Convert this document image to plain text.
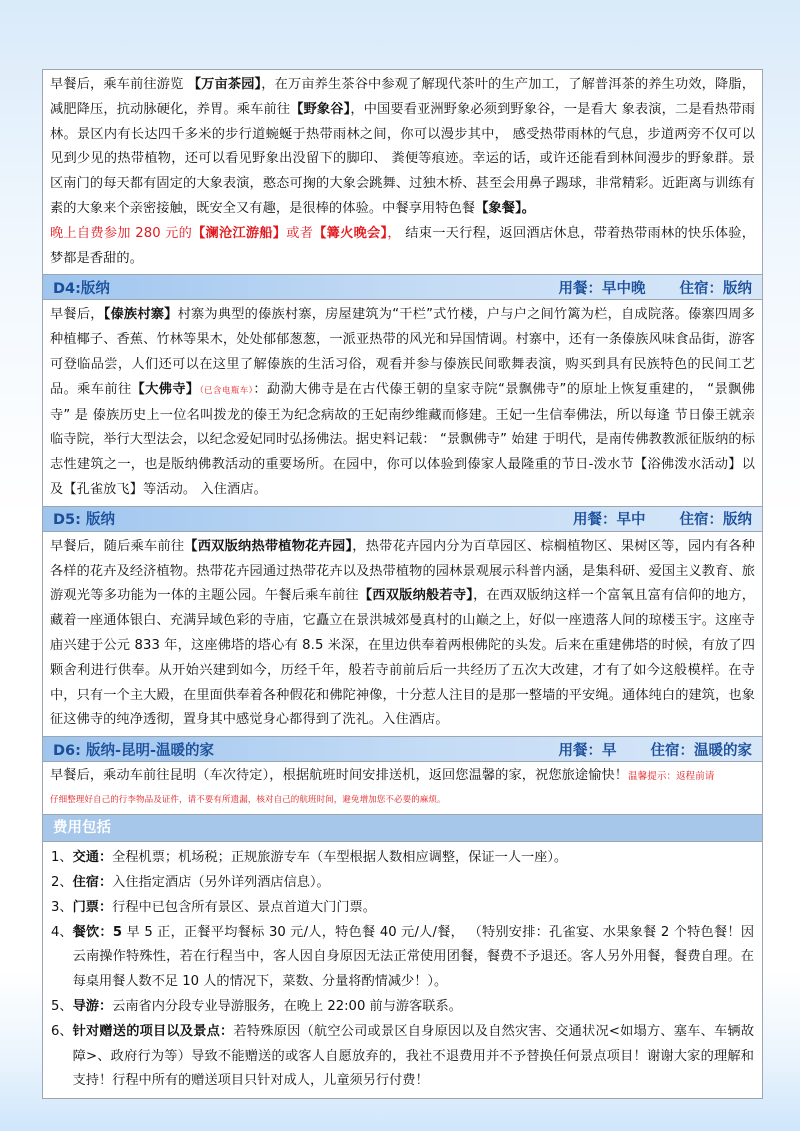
早餐后，乘车前往游览 【万亩茶园】，在万亩养生茶谷中参观了解现代茶叶的生产加工，了解普洱茶的养生功效，降脂，减肥降压，抗动脉硬化，养胃。乘车前往【野象谷】，中国要看亚洲野象必须到野象谷，一是看大 象表演，二是看热带雨林。景区内有长达四千多米的步行道蜿蜒于热带雨林之间，你可以漫步其中， 感受热带雨林的气息，步道两旁不仅可以见到少见的热带植物，还可以看见野象出没留下的脚印、 粪便等痕迹。幸运的话，或许还能看到林间漫步的野象群。景区南门的每天都有固定的大象表演，憨态可掬的大象会跳舞、过独木桥、甚至会用鼻子踢球，非常精彩。近距离与训练有素的大象来个亲密接触，既安全又有趣，是很棒的体验。中餐享用特色餐【象餐】。
晚上自费参加 280 元的【澜沧江游船】或者【篝火晚会】， 结束一天行程，返回酒店休息，带着热带雨林的快乐体验，梦都是香甜的。
D4:版纳	用餐：早中晚 住宿：版纳
早餐后，【傣族村寨】村寨为典型的傣族村寨，房屋建筑为“干栏”式竹楼，户与户之间竹篱为栏，自成院落。傣寨四周多种植椰子、香蕉、竹林等果木，处处郁郁葱葱，一派亚热带的风光和异国情调。村寨中，还有一条傣族风味食品街，游客可登临品尝，人们还可以在这里了解傣族的生活习俗，观看并参与傣族民间歌舞表演，购买到具有民族特色的民间工艺品。乘车前往【大佛寺】（已含电瓶车）：勐泐大佛寺是在古代傣王朝的皇家寺院“景飘佛寺”的原址上恢复重建的， “景飘佛寺” 是 傣族历史上一位名叫拨龙的傣王为纪念病故的王妃南纱维藏而修建。王妃一生信奉佛法，所以每逢 节日傣王就亲临寺院，举行大型法会，以纪念爱妃同时弘扬佛法。据史料记载： “景飘佛寺” 始建 于明代，是南传佛教教派征版纳的标志性建筑之一，也是版纳佛教活动的重要场所。在园中，你可以体验到傣家人最隆重的节日-泼水节【浴佛泼水活动】以及【孔雀放飞】等活动。 入住酒店。
D5: 版纳	用餐：早中 住宿：版纳
早餐后，随后乘车前往【西双版纳热带植物花卉园】，热带花卉园内分为百草园区、棕榈植物区、果树区等，园内有各种各样的花卉及经济植物。热带花卉园通过热带花卉以及热带植物的园林景观展示科普内涵，是集科研、爱国主义教育、旅游观光等多功能为一体的主题公园。午餐后乘车前往【西双版纳般若寺】，在西双版纳这样一个富氧且富有信仰的地方，藏着一座通体银白、充满异域色彩的寺庙，它矗立在景洪城郊曼真村的山巅之上，好似一座遗落人间的琼楼玉宇。这座寺庙兴建于公元 833 年，这座佛塔的塔心有 8.5 米深，在里边供奉着两根佛陀的头发。后来在重建佛塔的时候，有放了四颗舍利进行供奉。从开始兴建到如今，历经千年，般若寺前前后后一共经历了五次大改建，才有了如今这般模样。在寺中，只有一个主大殿，在里面供奉着各种假花和佛陀神像，十分惹人注目的是那一整墙的平安绳。通体纯白的建筑，也象征这佛寺的纯净透彻，置身其中感觉身心都得到了洗礼。入住酒店。
D6: 版纳-昆明-温暖的家	用餐：早 住宿：温暖的家
早餐后，乘动车前往昆明（车次待定），根据航班时间安排送机，返回您温馨的家，祝您旅途愉快！温馨提示：返程前请
仔细整理好自己的行李物品及证件，请不要有所遗漏，核对自己的航班时间，避免增加您不必要的麻烦。
费用包括
1、 交通：全程机票；机场税；正规旅游专车（车型根据人数相应调整，保证一人一座）。
2、 住宿：入住指定酒店（另外详列酒店信息）。
3、 门票：行程中已包含所有景区、景点首道大门门票。
4、 餐饮：5 早 5 正，正餐平均餐标 30 元/人，特色餐 40 元/人/餐， （特别安排：孔雀宴、水果象餐 2 个特色餐！因云南操作特殊性，若在行程当中，客人因自身原因无法正常使用团餐，餐费不予退还。客人另外用餐，餐费自理。在每桌用餐人数不足 10 人的情况下，菜数、分量将酌情减少！）。
5、 导游：云南省内分段专业导游服务，在晚上 22:00 前与游客联系。
6、 针对赠送的项目以及景点：若特殊原因（航空公司或景区自身原因以及自然灾害、交通状况<如塌方、塞车、车辆故障>、政府行为等）导致不能赠送的或客人自愿放弃的，我社不退费用并不予替换任何景点项目！谢谢大家的理解和支持！行程中所有的赠送项目只针对成人，儿童须另行付费！
